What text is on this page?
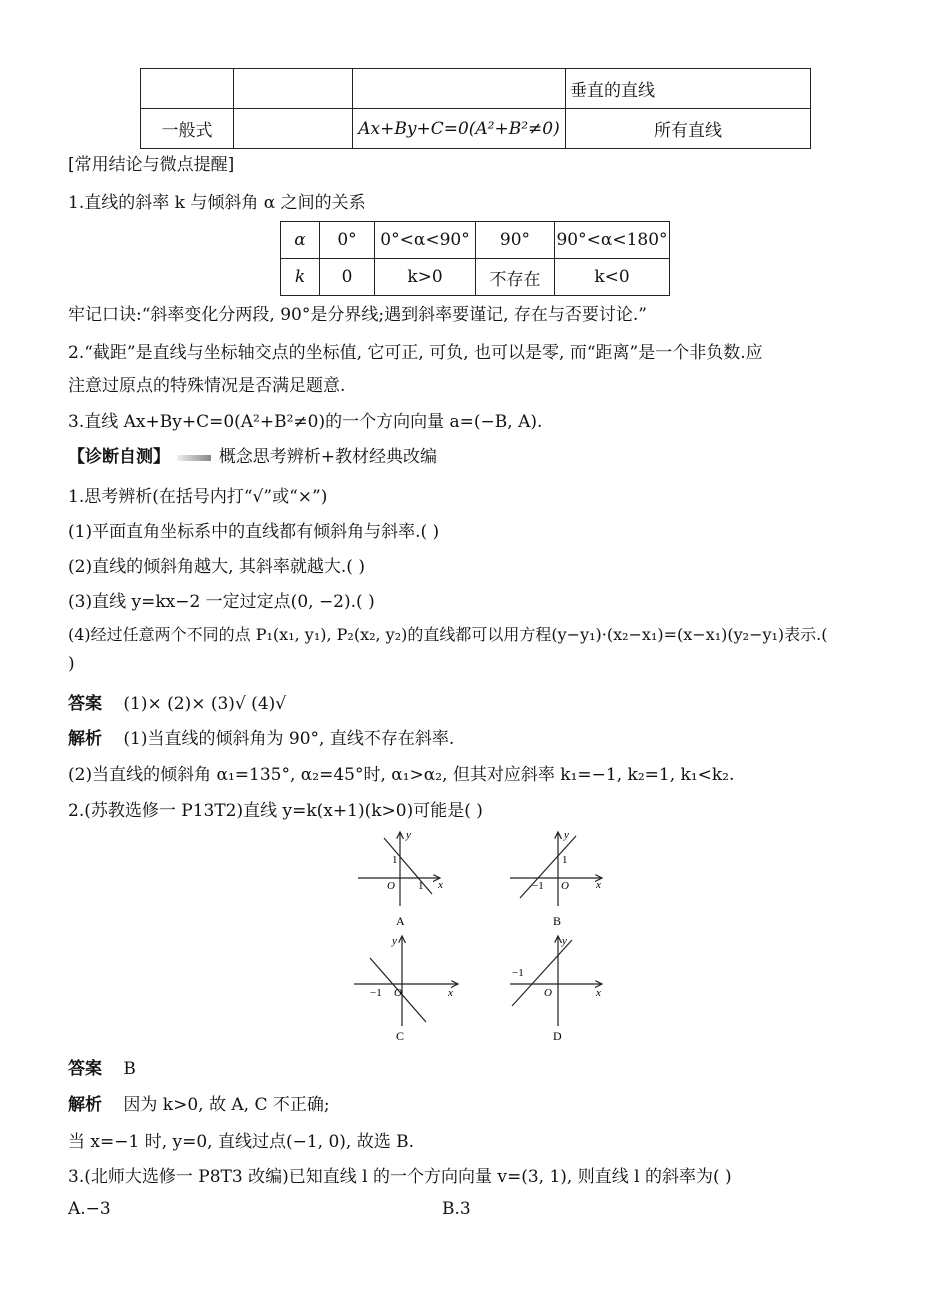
			垂直的直线
一般式		Ax+By+C=0(A²+B²≠0)	所有直线
[常用结论与微点提醒]
1.直线的斜率 k 与倾斜角 α 之间的关系
α	0°	0°<α<90°	90°	90°<α<180°
k	0	k>0	不存在	k<0
牢记口诀:“斜率变化分两段, 90°是分界线;遇到斜率要谨记, 存在与否要讨论.”
2.“截距”是直线与坐标轴交点的坐标值, 它可正, 可负, 也可以是零, 而“距离”是一个非负数.应
注意过原点的特殊情况是否满足题意.
3.直线 Ax+By+C=0(A²+B²≠0)的一个方向向量 a=(−B, A).
【诊断自测】	概念思考辨析+教材经典改编
1.思考辨析(在括号内打“√”或“×”)
(1)平面直角坐标系中的直线都有倾斜角与斜率.( )
(2)直线的倾斜角越大, 其斜率就越大.( )
(3)直线 y=kx−2 一定过定点(0, −2).( )
(4)经过任意两个不同的点 P₁(x₁, y₁), P₂(x₂, y₂)的直线都可以用方程(y−y₁)·(x₂−x₁)=(x−x₁)(y₂−y₁)表示.(
)
答案 (1)× (2)× (3)√ (4)√
解析 (1)当直线的倾斜角为 90°, 直线不存在斜率.
(2)当直线的倾斜角 α₁=135°, α₂=45°时, α₁>α₂, 但其对应斜率 k₁=−1, k₂=1, k₁<k₂.
2.(苏教选修一 P13T2)直线 y=k(x+1)(k>0)可能是( )
y
x
O
1
1
A
y
x
O
1
−1
B
y
x
O
−1
C
y
x
O
−1
D
答案 B
解析 因为 k>0, 故 A, C 不正确;
当 x=−1 时, y=0, 直线过点(−1, 0), 故选 B.
3.(北师大选修一 P8T3 改编)已知直线 l 的一个方向向量 v=(3, 1), 则直线 l 的斜率为( )
A.−3	B.3
